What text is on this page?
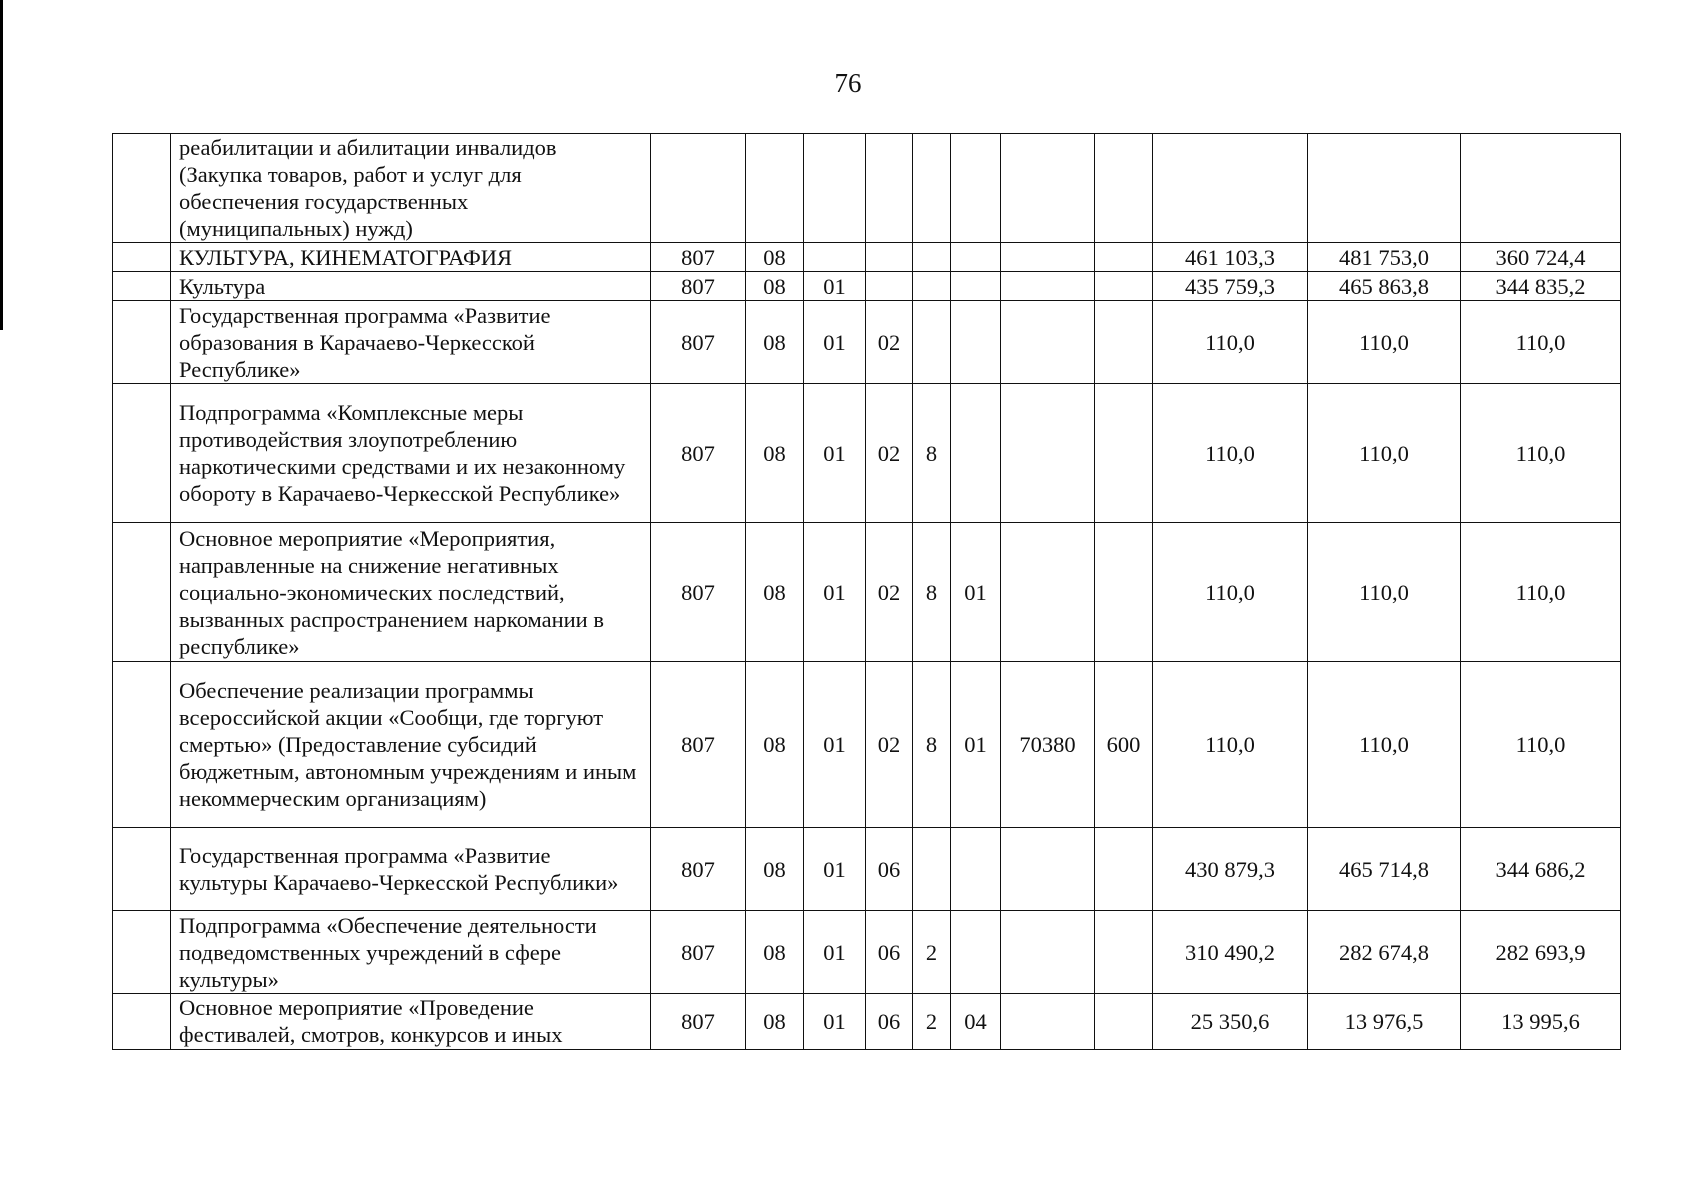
76
	реабилитации и абилитации инвалидов (Закупка товаров, работ и услуг для обеспечения государственных (муниципальных) нужд)											
	КУЛЬТУРА, КИНЕМАТОГРАФИЯ	807	08							461 103,3	481 753,0	360 724,4
	Культура	807	08	01						435 759,3	465 863,8	344 835,2
	Государственная программа «Развитие образования в Карачаево-Черкесской Республике»	807	08	01	02					110,0	110,0	110,0
	Подпрограмма «Комплексные меры противодействия злоупотреблению наркотическими средствами и их незаконному обороту в Карачаево-Черкесской Республике»	807	08	01	02	8				110,0	110,0	110,0
	Основное мероприятие «Мероприятия, направленные на снижение негативных социально-экономических последствий, вызванных распространением наркомании в республике»	807	08	01	02	8	01			110,0	110,0	110,0
	Обеспечение реализации программы всероссийской акции «Сообщи, где торгуют смертью» (Предоставление субсидий бюджетным, автономным учреждениям и иным некоммерческим организациям)	807	08	01	02	8	01	70380	600	110,0	110,0	110,0
	Государственная программа «Развитие культуры Карачаево-Черкесской Республики»	807	08	01	06					430 879,3	465 714,8	344 686,2
	Подпрограмма «Обеспечение деятельности подведомственных учреждений в сфере культуры»	807	08	01	06	2				310 490,2	282 674,8	282 693,9
	Основное мероприятие «Проведение фестивалей, смотров, конкурсов и иных	807	08	01	06	2	04			25 350,6	13 976,5	13 995,6
